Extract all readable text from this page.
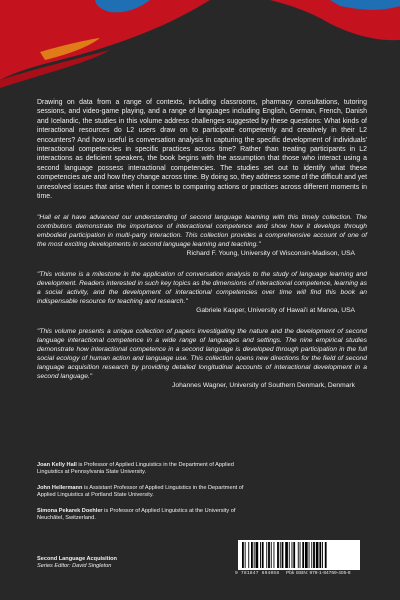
Drawing on data from a range of contexts, including classrooms, pharmacy consultations, tutoring sessions, and video-game playing, and a range of languages including English, German, French, Danish and Icelandic, the studies in this volume address challenges suggested by these questions: What kinds of interactional resources do L2 users draw on to participate competently and creatively in their L2 encounters? And how useful is conversation analysis in capturing the specific development of individuals' interactional competencies in specific practices across time? Rather than treating participants in L2 interactions as deficient speakers, the book begins with the assumption that those who interact using a second language possess interactional competencies. The studies set out to identify what these competencies are and how they change across time. By doing so, they address some of the difficult and yet unresolved issues that arise when it comes to comparing actions or practices across different moments in time.

"Hall et al have advanced our understanding of second language learning with this timely collection. The contributors demonstrate the importance of interactional competence and show how it develops through embodied participation in multi-party interaction. This collection provides a comprehensive account of one of the most exciting developments in second language learning and teaching."

Richard F. Young, University of Wisconsin-Madison, USA

"This volume is a milestone in the application of conversation analysis to the study of language learning and development. Readers interested in such key topics as the dimensions of interactional competence, learning as a social activity, and the development of interactional competencies over time will find this book an indispensable resource for teaching and research."

Gabriele Kasper, University of Hawai'i at Manoa, USA

"This volume presents a unique collection of papers investigating the nature and the development of second language interactional competence in a wide range of languages and settings. The nine empirical studies demonstrate how interactional competence in a second language is developed through participation in the full social ecology of human action and language use. This collection opens new directions for the field of second language acquisition research by providing detailed longitudinal accounts of interactional development in a second language."

Johannes Wagner, University of Southern Denmark, Denmark

Joan Kelly Hall is Professor of Applied Linguistics in the Department of Applied Linguistics at Pennsylvania State University.

John Hellermann is Assistant Professor of Applied Linguistics in the Department of Applied Linguistics at Portland State University.

Simona Pekarek Doehler is Professor of Applied Linguistics at the University of Neuchâtel, Switzerland.

Second Language Acquisition
Series Editor: David Singleton
9 781847 694058 Pbk ISBN: 978-1-84769-405-8
